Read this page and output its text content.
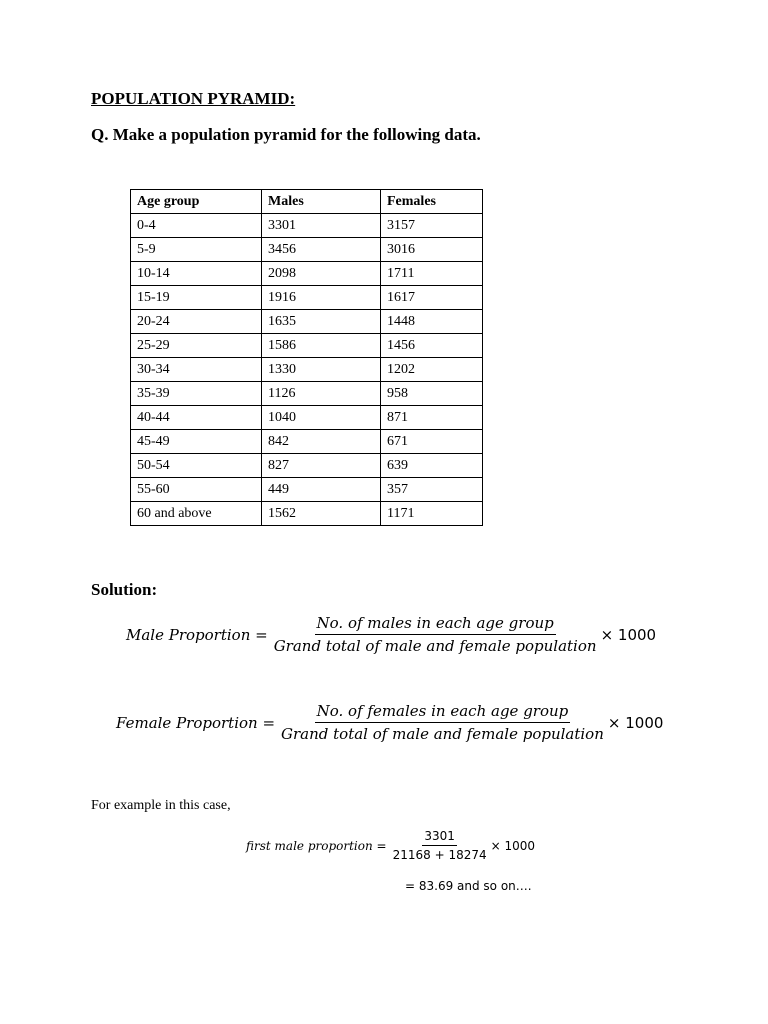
POPULATION PYRAMID:
Q. Make a population pyramid for the following data.
Age group	Males	Females
0-4	3301	3157
5-9	3456	3016
10-14	2098	1711
15-19	1916	1617
20-24	1635	1448
25-29	1586	1456
30-34	1330	1202
35-39	1126	958
40-44	1040	871
45-49	842	671
50-54	827	639
55-60	449	357
60 and above	1562	1171
Solution:
Male Proportion = $\frac{\text{No. of males in each age group}}{\text{Grand total of male and female population}} \times 1000$
Female Proportion = $\frac{\text{No. of females in each age group}}{\text{Grand total of male and female population}} \times 1000$
For example in this case,
first male proportion = $\frac{3301}{21168 + 18274} \times 1000$
= 83.69 and so on….
